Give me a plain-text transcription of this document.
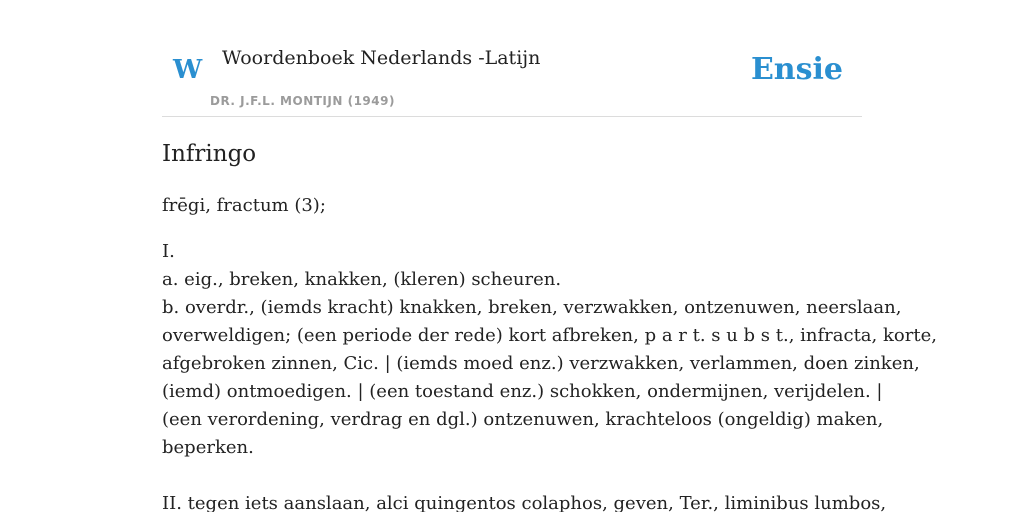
W Woordenboek Nederlands -Latijn
DR. J.F.L. MONTIJN (1949)
Ensie
Infringo
frēgi, fractum (3);
I.
a. eig., breken, knakken, (kleren) scheuren.
b. overdr., (iemds kracht) knakken, breken, verzwakken, ontzenuwen, neerslaan,
overweldigen; (een periode der rede) kort afbreken, p a r t. s u b s t., infracta, korte,
afgebroken zinnen, Cic. | (iemds moed enz.) verzwakken, verlammen, doen zinken,
(iemd) ontmoedigen. | (een toestand enz.) schokken, ondermijnen, verijdelen. |
(een verordening, verdrag en dgl.) ontzenuwen, krachteloos (ongeldig) maken,
beperken.
II. tegen iets aanslaan, alci quingentos colaphos, geven, Ter., liminibus lumbos,
